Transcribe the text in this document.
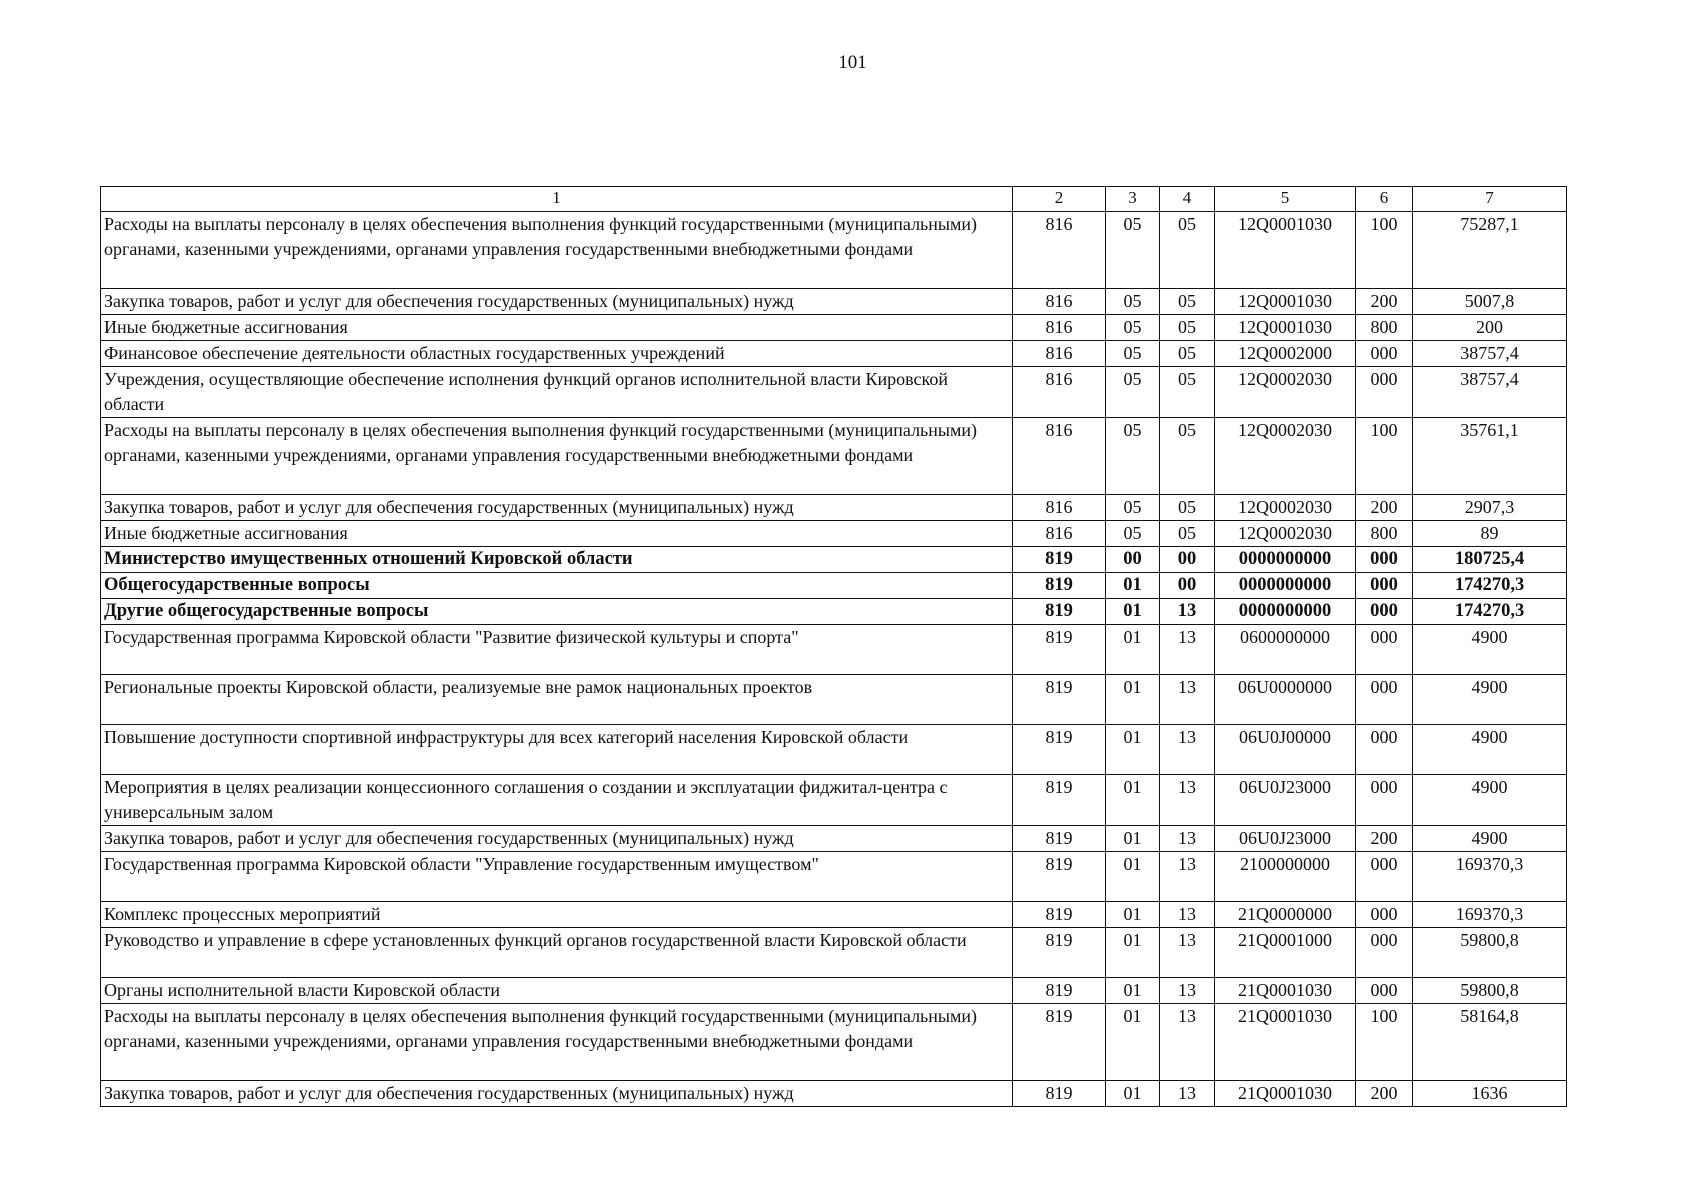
101
1	2	3	4	5	6	7
Расходы на выплаты персоналу в целях обеспечения выполнения функций государственными (муниципальными) органами, казенными учреждениями, органами управления государственными внебюджетными фондами	816	05	05	12Q0001030	100	75287,1
Закупка товаров, работ и услуг для обеспечения государственных (муниципальных) нужд	816	05	05	12Q0001030	200	5007,8
Иные бюджетные ассигнования	816	05	05	12Q0001030	800	200
Финансовое обеспечение деятельности областных государственных учреждений	816	05	05	12Q0002000	000	38757,4
Учреждения, осуществляющие обеспечение исполнения функций органов исполнительной власти Кировской области	816	05	05	12Q0002030	000	38757,4
Расходы на выплаты персоналу в целях обеспечения выполнения функций государственными (муниципальными) органами, казенными учреждениями, органами управления государственными внебюджетными фондами	816	05	05	12Q0002030	100	35761,1
Закупка товаров, работ и услуг для обеспечения государственных (муниципальных) нужд	816	05	05	12Q0002030	200	2907,3
Иные бюджетные ассигнования	816	05	05	12Q0002030	800	89
Министерство имущественных отношений Кировской области	819	00	00	0000000000	000	180725,4
Общегосударственные вопросы	819	01	00	0000000000	000	174270,3
Другие общегосударственные вопросы	819	01	13	0000000000	000	174270,3
Государственная программа Кировской области "Развитие физической культуры и спорта"	819	01	13	0600000000	000	4900
Региональные проекты Кировской области, реализуемые вне рамок национальных проектов	819	01	13	06U0000000	000	4900
Повышение доступности спортивной инфраструктуры для всех категорий населения Кировской области	819	01	13	06U0J00000	000	4900
Мероприятия в целях реализации концессионного соглашения о создании и эксплуатации фиджитал-центра с универсальным залом	819	01	13	06U0J23000	000	4900
Закупка товаров, работ и услуг для обеспечения государственных (муниципальных) нужд	819	01	13	06U0J23000	200	4900
Государственная программа Кировской области "Управление государственным имуществом"	819	01	13	2100000000	000	169370,3
Комплекс процессных мероприятий	819	01	13	21Q0000000	000	169370,3
Руководство и управление в сфере установленных функций органов государственной власти Кировской области	819	01	13	21Q0001000	000	59800,8
Органы исполнительной власти Кировской области	819	01	13	21Q0001030	000	59800,8
Расходы на выплаты персоналу в целях обеспечения выполнения функций государственными (муниципальными) органами, казенными учреждениями, органами управления государственными внебюджетными фондами	819	01	13	21Q0001030	100	58164,8
Закупка товаров, работ и услуг для обеспечения государственных (муниципальных) нужд	819	01	13	21Q0001030	200	1636
